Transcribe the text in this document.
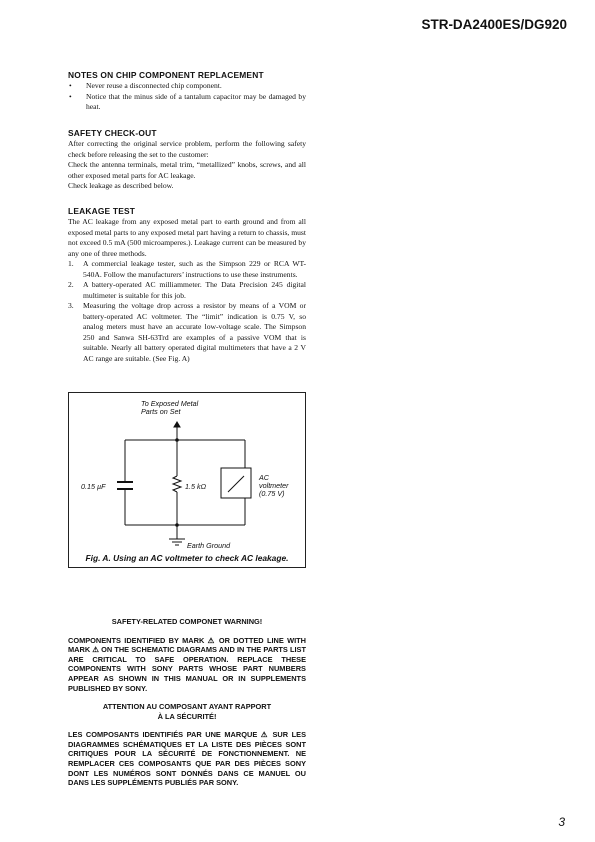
STR-DA2400ES/DG920

NOTES ON CHIP COMPONENT REPLACEMENT

• Never reuse a disconnected chip component.
• Notice that the minus side of a tantalum capacitor may be damaged by heat.

SAFETY CHECK-OUT

After correcting the original service problem, perform the following safety check before releasing the set to the customer:

Check the antenna terminals, metal trim, “metallized” knobs, screws, and all other exposed metal parts for AC leakage.

Check leakage as described below.

LEAKAGE TEST

The AC leakage from any exposed metal part to earth ground and from all exposed metal parts to any exposed metal part having a return to chassis, must not exceed 0.5 mA (500 microamperes.). Leakage current can be measured by any one of three methods.

1. A commercial leakage tester, such as the Simpson 229 or RCA WT-540A. Follow the manufacturers’ instructions to use these instruments.
2. A battery-operated AC milliammeter. The Data Precision 245 digital multimeter is suitable for this job.
3. Measuring the voltage drop across a resistor by means of a VOM or battery-operated AC voltmeter. The “limit” indication is 0.75 V, so analog meters must have an accurate low-voltage scale. The Simpson 250 and Sanwa SH-63Trd are examples of a passive VOM that is suitable. Nearly all battery operated digital multimeters that have a 2 V AC range are suitable. (See Fig. A)
To Exposed Metal
Parts on Set
0.15 µF	1.5 kΩ
AC
voltmeter
(0.75 V)
Earth Ground
Fig. A. Using an AC voltmeter to check AC leakage.
SAFETY-RELATED COMPONET WARNING!
COMPONENTS IDENTIFIED BY MARK ⚠ OR DOTTED LINE WITH MARK ⚠ ON THE SCHEMATIC DIAGRAMS AND IN THE PARTS LIST ARE CRITICAL TO SAFE OPERATION. REPLACE THESE COMPONENTS WITH SONY PARTS WHOSE PART NUMBERS APPEAR AS SHOWN IN THIS MANUAL OR IN SUPPLEMENTS PUBLISHED BY SONY.
ATTENTION AU COMPOSANT AYANT RAPPORT
À LA SÉCURITÉ!
LES COMPOSANTS IDENTIFIÉS PAR UNE MARQUE ⚠ SUR LES DIAGRAMMES SCHÉMATIQUES ET LA LISTE DES PIÈCES SONT CRITIQUES POUR LA SÉCURITÉ DE FONCTIONNEMENT. NE REMPLACER CES COMPOSANTS QUE PAR DES PIÈCES SONY DONT LES NUMÉROS SONT DONNÉS DANS CE MANUEL OU DANS LES SUPPLÉMENTS PUBLIÉS PAR SONY.
3
